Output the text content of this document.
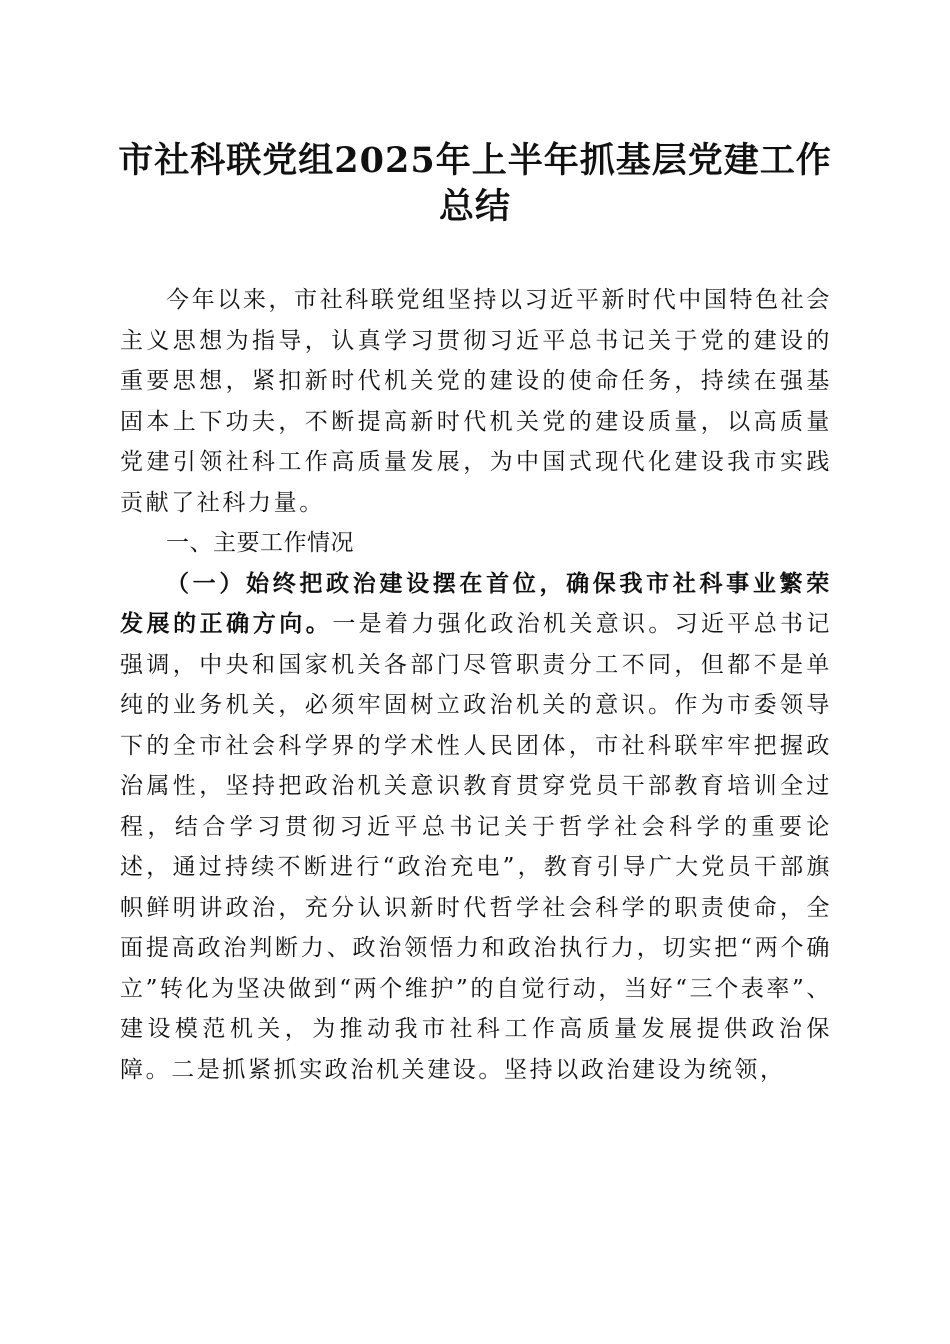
市社科联党组2025年上半年抓基层党建工作
总结

今年以来，市社科联党组坚持以习近平新时代中国特色社会主义思想为指导，认真学习贯彻习近平总书记关于党的建设的重要思想，紧扣新时代机关党的建设的使命任务，持续在强基固本上下功夫，不断提高新时代机关党的建设质量，以高质量党建引领社科工作高质量发展，为中国式现代化建设我市实践贡献了社科力量。

一、主要工作情况

（一）始终把政治建设摆在首位，确保我市社科事业繁荣发展的正确方向。一是着力强化政治机关意识。习近平总书记强调，中央和国家机关各部门尽管职责分工不同，但都不是单纯的业务机关，必须牢固树立政治机关的意识。作为市委领导下的全市社会科学界的学术性人民团体，市社科联牢牢把握政治属性，坚持把政治机关意识教育贯穿党员干部教育培训全过程，结合学习贯彻习近平总书记关于哲学社会科学的重要论述，通过持续不断进行“政治充电”，教育引导广大党员干部旗帜鲜明讲政治，充分认识新时代哲学社会科学的职责使命，全面提高政治判断力、政治领悟力和政治执行力，切实把“两个确立”转化为坚决做到“两个维护”的自觉行动，当好“三个表率”、建设模范机关，为推动我市社科工作高质量发展提供政治保障。二是抓紧抓实政治机关建设。坚持以政治建设为统领，
